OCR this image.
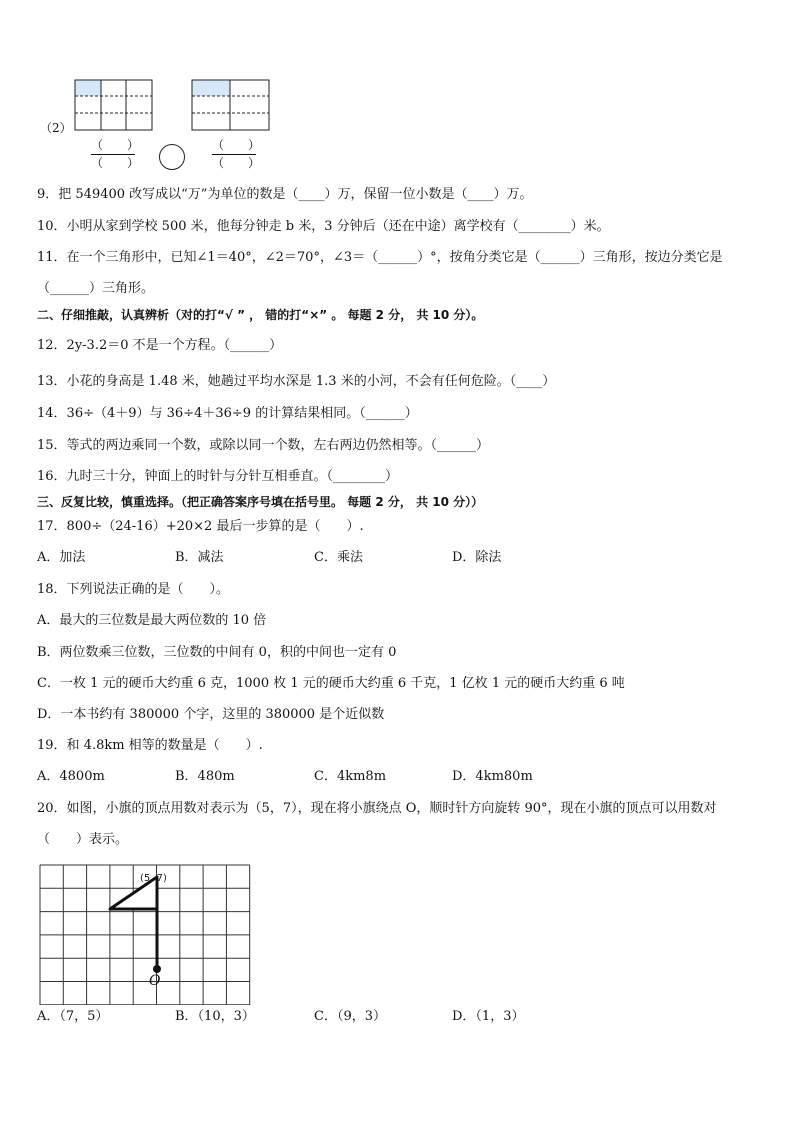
（2）
（　　）
（　　）
（　　）
（　　）
9．把 549400 改写成以“万”为单位的数是（____）万，保留一位小数是（____）万。
10．小明从家到学校 500 米，他每分钟走 b 米，3 分钟后（还在中途）离学校有（________）米。
11．在一个三角形中，已知∠1＝40°，∠2＝70°，∠3＝（______）°，按角分类它是（______）三角形，按边分类它是
（______）三角形。
二、仔细推敲，认真辨析（对的打“√ ” ， 错的打“×” 。 每题 2 分， 共 10 分）。
12．2y-3.2＝0 不是一个方程。（______）
13．小花的身高是 1.48 米，她趟过平均水深是 1.3 米的小河，不会有任何危险。（____）
14．36÷（4＋9）与 36÷4＋36÷9 的计算结果相同。（______）
15．等式的两边乘同一个数，或除以同一个数，左右两边仍然相等。（______）
16．九时三十分，钟面上的时针与分针互相垂直。（________）
三、反复比较，慎重选择。（把正确答案序号填在括号里。 每题 2 分， 共 10 分））
17．800÷（24-16）+20×2 最后一步算的是（　　）.
A．加法	B．减法	C．乘法	D．除法
18．下列说法正确的是（　　）。
A．最大的三位数是最大两位数的 10 倍
B．两位数乘三位数，三位数的中间有 0，积的中间也一定有 0
C．一枚 1 元的硬币大约重 6 克，1000 枚 1 元的硬币大约重 6 千克，1 亿枚 1 元的硬币大约重 6 吨
D．一本书约有 380000 个字，这里的 380000 是个近似数
19．和 4.8km 相等的数量是（　　）.
A．4800m	B．480m	C．4km8m	D．4km80m
20．如图，小旗的顶点用数对表示为（5，7），现在将小旗绕点 O，顺时针方向旋转 90°，现在小旗的顶点可以用数对
（　　）表示。
(5, 7)
O
A．（7，5）	B．（10，3）	C．（9，3）	D．（1，3）
